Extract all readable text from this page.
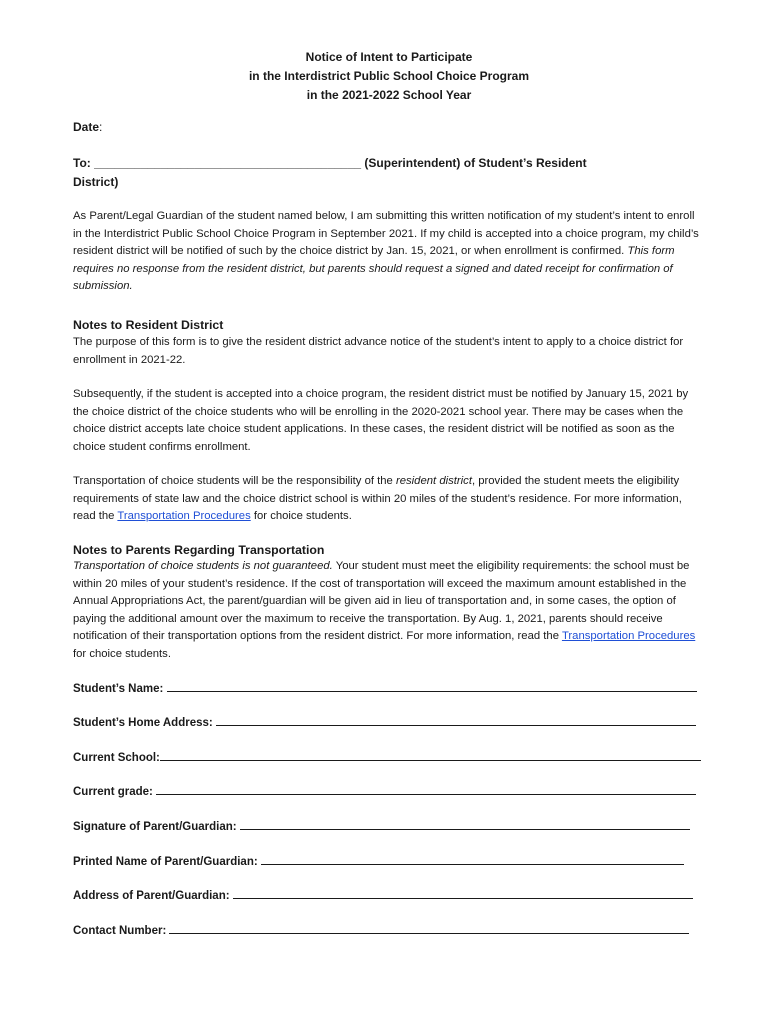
Notice of Intent to Participate
in the Interdistrict Public School Choice Program
in the 2021-2022 School Year
Date:
To: ________________________________________ (Superintendent) of Student’s Resident
District)

As Parent/Legal Guardian of the student named below, I am submitting this written notification of my student’s intent to enroll in the Interdistrict Public School Choice Program in September 2021. If my child is accepted into a choice program, my child’s resident district will be notified of such by the choice district by Jan. 15, 2021, or when enrollment is confirmed. This form requires no response from the resident district, but parents should request a signed and dated receipt for confirmation of submission.

Notes to Resident District

The purpose of this form is to give the resident district advance notice of the student’s intent to apply to a choice district for enrollment in 2021-22.

Subsequently, if the student is accepted into a choice program, the resident district must be notified by January 15, 2021 by the choice district of the choice students who will be enrolling in the 2020-2021 school year. There may be cases when the choice district accepts late choice student applications. In these cases, the resident district will be notified as soon as the choice student confirms enrollment.

Transportation of choice students will be the responsibility of the resident district, provided the student meets the eligibility requirements of state law and the choice district school is within 20 miles of the student’s residence. For more information, read the Transportation Procedures for choice students.

Notes to Parents Regarding Transportation

Transportation of choice students is not guaranteed. Your student must meet the eligibility requirements: the school must be within 20 miles of your student’s residence. If the cost of transportation will exceed the maximum amount established in the Annual Appropriations Act, the parent/guardian will be given aid in lieu of transportation and, in some cases, the option of paying the additional amount over the maximum to receive the transportation. By Aug. 1, 2021, parents should receive notification of their transportation options from the resident district. For more information, read the Transportation Procedures for choice students.

Student’s Name:
Student’s Home Address:
Current School:
Current grade:
Signature of Parent/Guardian:
Printed Name of Parent/Guardian:
Address of Parent/Guardian:
Contact Number:
